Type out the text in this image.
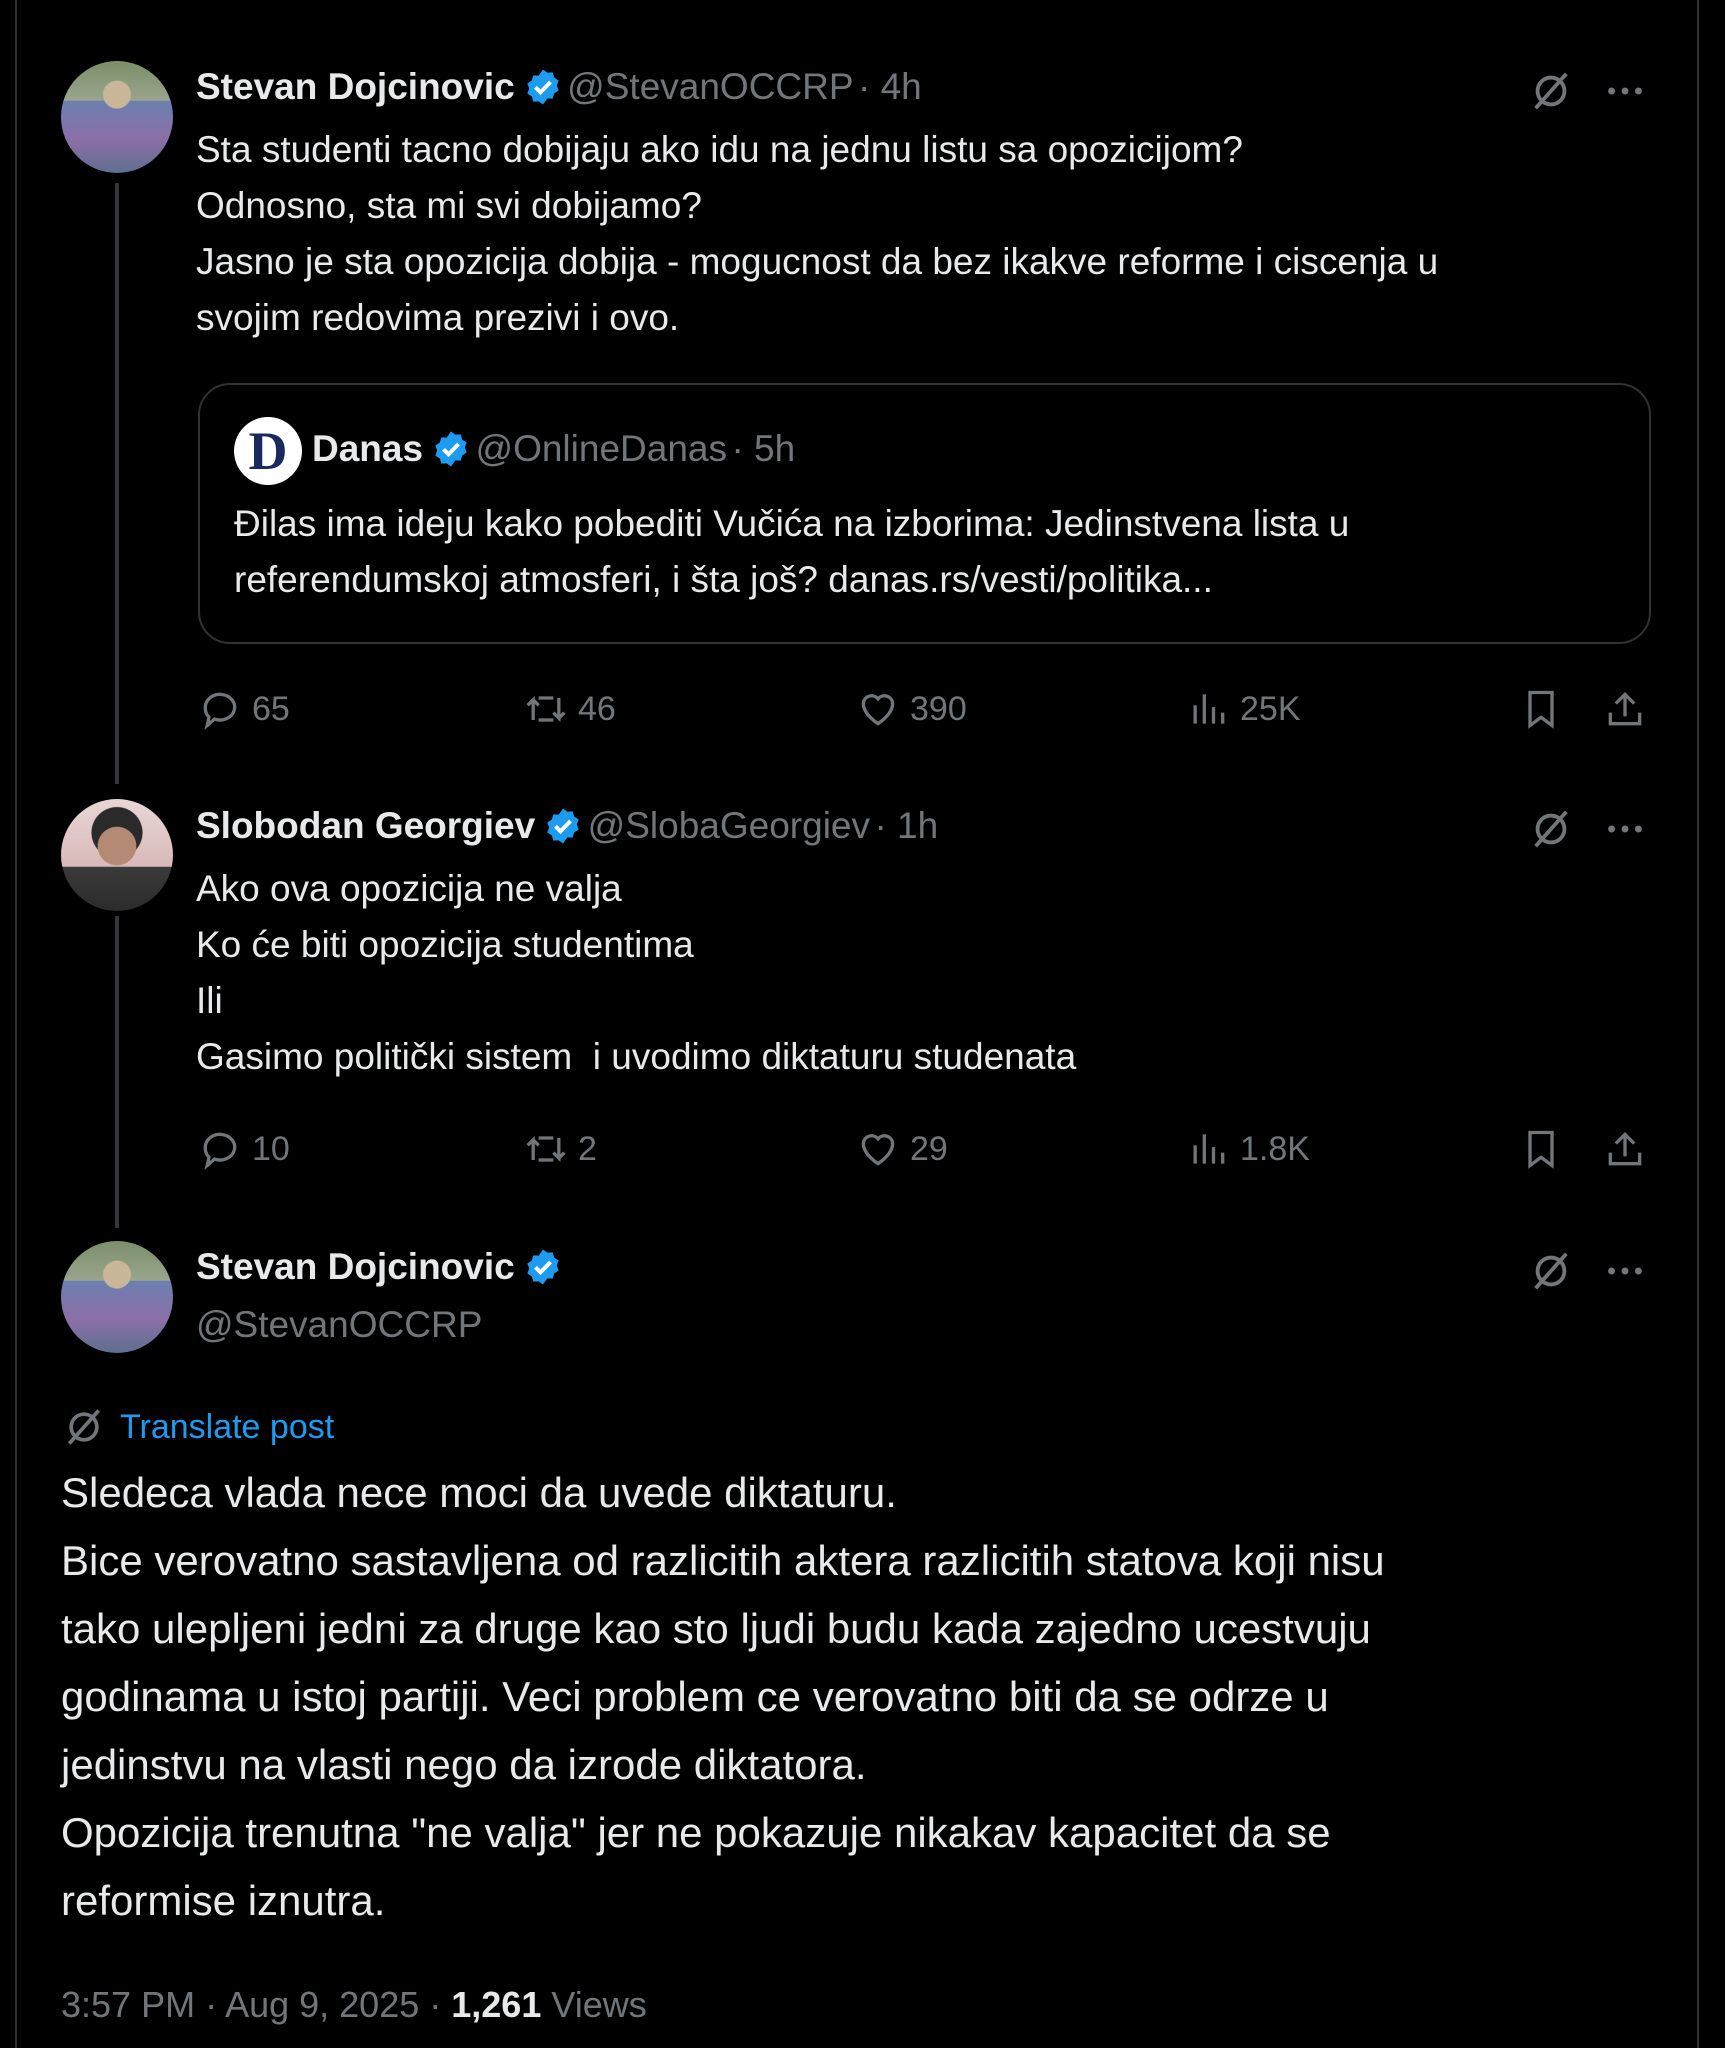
Stevan Dojcinovic @StevanOCCRP · 4h
Sta studenti tacno dobijaju ako idu na jednu listu sa opozicijom?
Odnosno, sta mi svi dobijamo?
Jasno je sta opozicija dobija - mogucnost da bez ikakve reforme i ciscenja u
svojim redovima prezivi i ovo.
D Danas @OnlineDanas · 5h
Đilas ima ideju kako pobediti Vučića na izborima: Jedinstvena lista u
referendumskoj atmosferi, i šta još? danas.rs/vesti/politika...
65	46	390	25K
Slobodan Georgiev @SlobaGeorgiev · 1h
Ako ova opozicija ne valja
Ko će biti opozicija studentima
Ili
Gasimo politički sistem  i uvodimo diktaturu studenata
10	2	29	1.8K
Stevan Dojcinovic
@StevanOCCRP
Translate post
Sledeca vlada nece moci da uvede diktaturu.
Bice verovatno sastavljena od razlicitih aktera razlicitih statova koji nisu
tako ulepljeni jedni za druge kao sto ljudi budu kada zajedno ucestvuju
godinama u istoj partiji. Veci problem ce verovatno biti da se odrze u
jedinstvu na vlasti nego da izrode diktatora.
Opozicija trenutna "ne valja" jer ne pokazuje nikakav kapacitet da se
reformise iznutra.
3:57 PM · Aug 9, 2025 · 1,261 Views
